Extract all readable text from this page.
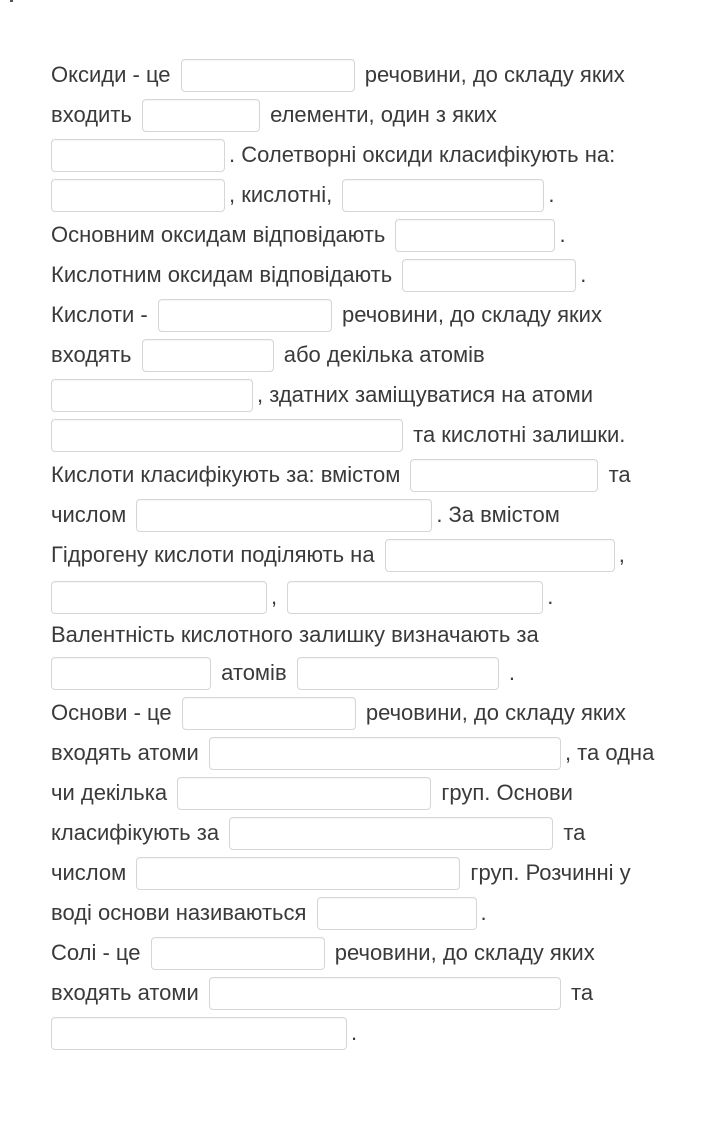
Оксиди - це	речовини, до складу яких
входить	елементи, один з яких
. Солетворні оксиди класифікують на:
, кислотні,	.
Основним оксидам відповідають	.
Кислотним оксидам відповідають	.
Кислоти -	речовини, до складу яких
входять	або декілька атомів
, здатних заміщуватися на атоми
та кислотні залишки.
Кислоти класифікують за: вмістом	та
числом	. За вмістом
Гідрогену кислоти поділяють на	,
,	.
Валентність кислотного залишку визначають за
атомів	.
Основи - це	речовини, до складу яких
входять атоми	, та одна
чи декілька	груп. Основи
класифікують за	та
числом	груп. Розчинні у
воді основи називаються	.
Солі - це	речовини, до складу яких
входять атоми	та
.
